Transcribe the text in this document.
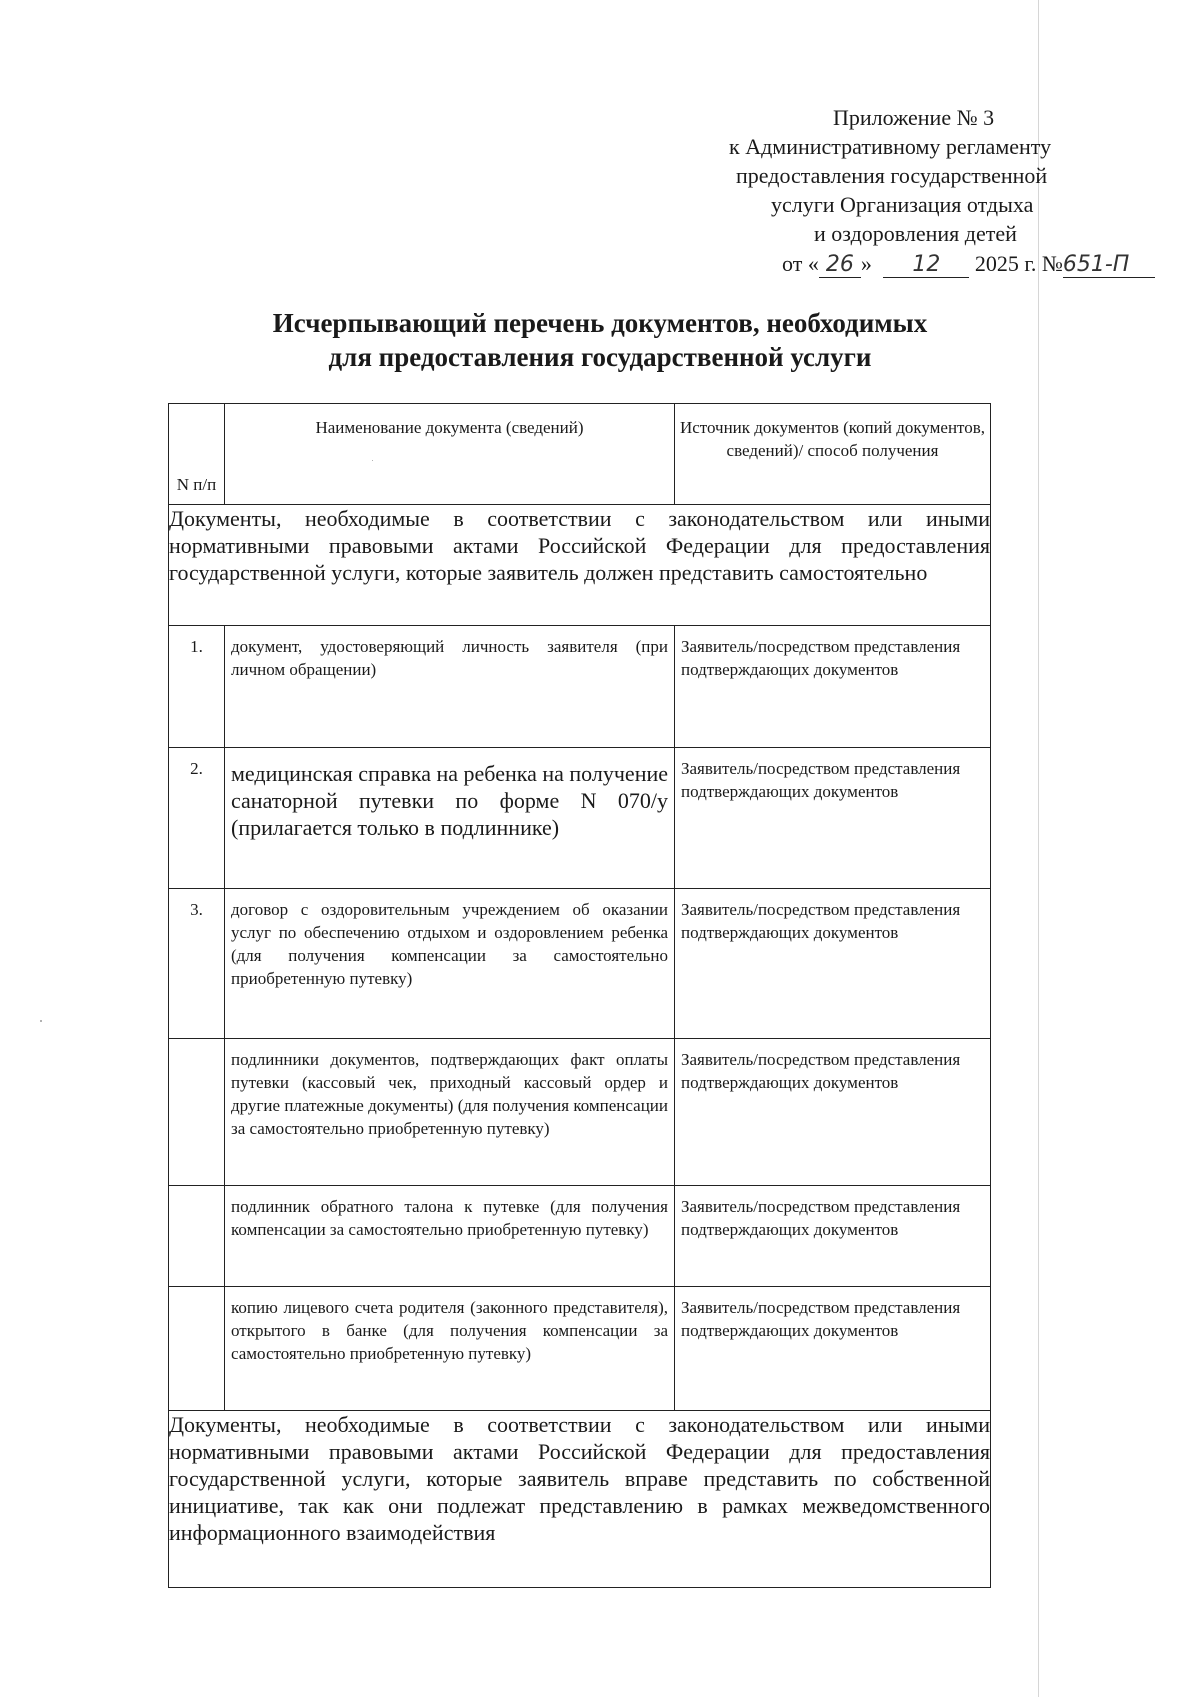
Приложение № 3
к Административному регламенту
предоставления государственной
услуги Организация отдыха
и оздоровления детей
от « 26 » 12 2025 г. №651-П
Исчерпывающий перечень документов, необходимых
для предоставления государственной услуги
N п/п	Наименование документа (сведений)	Источник документов (копий документов, сведений)/ способ получения
Документы, необходимые в соответствии с законодательством или иными нормативными правовыми актами Российской Федерации для предоставления государственной услуги, которые заявитель должен представить самостоятельно		
1.	документ, удостоверяющий личность заявителя (при личном обращении)	Заявитель/посредством представления подтверждающих документов
2.	медицинская справка на ребенка на получение санаторной путевки по форме N 070/у (прилагается только в подлиннике)	Заявитель/посредством представления подтверждающих документов
3.	договор с оздоровительным учреждением об оказании услуг по обеспечению отдыхом и оздоровлением ребенка (для получения компенсации за самостоятельно приобретенную путевку)	Заявитель/посредством представления подтверждающих документов
	подлинники документов, подтверждающих факт оплаты путевки (кассовый чек, приходный кассовый ордер и другие платежные документы) (для получения компенсации за самостоятельно приобретенную путевку)	Заявитель/посредством представления подтверждающих документов
	подлинник обратного талона к путевке (для получения компенсации за самостоятельно приобретенную путевку)	Заявитель/посредством представления подтверждающих документов
	копию лицевого счета родителя (законного представителя), открытого в банке (для получения компенсации за самостоятельно приобретенную путевку)	Заявитель/посредством представления подтверждающих документов
Документы, необходимые в соответствии с законодательством или иными нормативными правовыми актами Российской Федерации для предоставления государственной услуги, которые заявитель вправе представить по собственной инициативе, так как они подлежат представлению в рамках межведомственного информационного взаимодействия		
